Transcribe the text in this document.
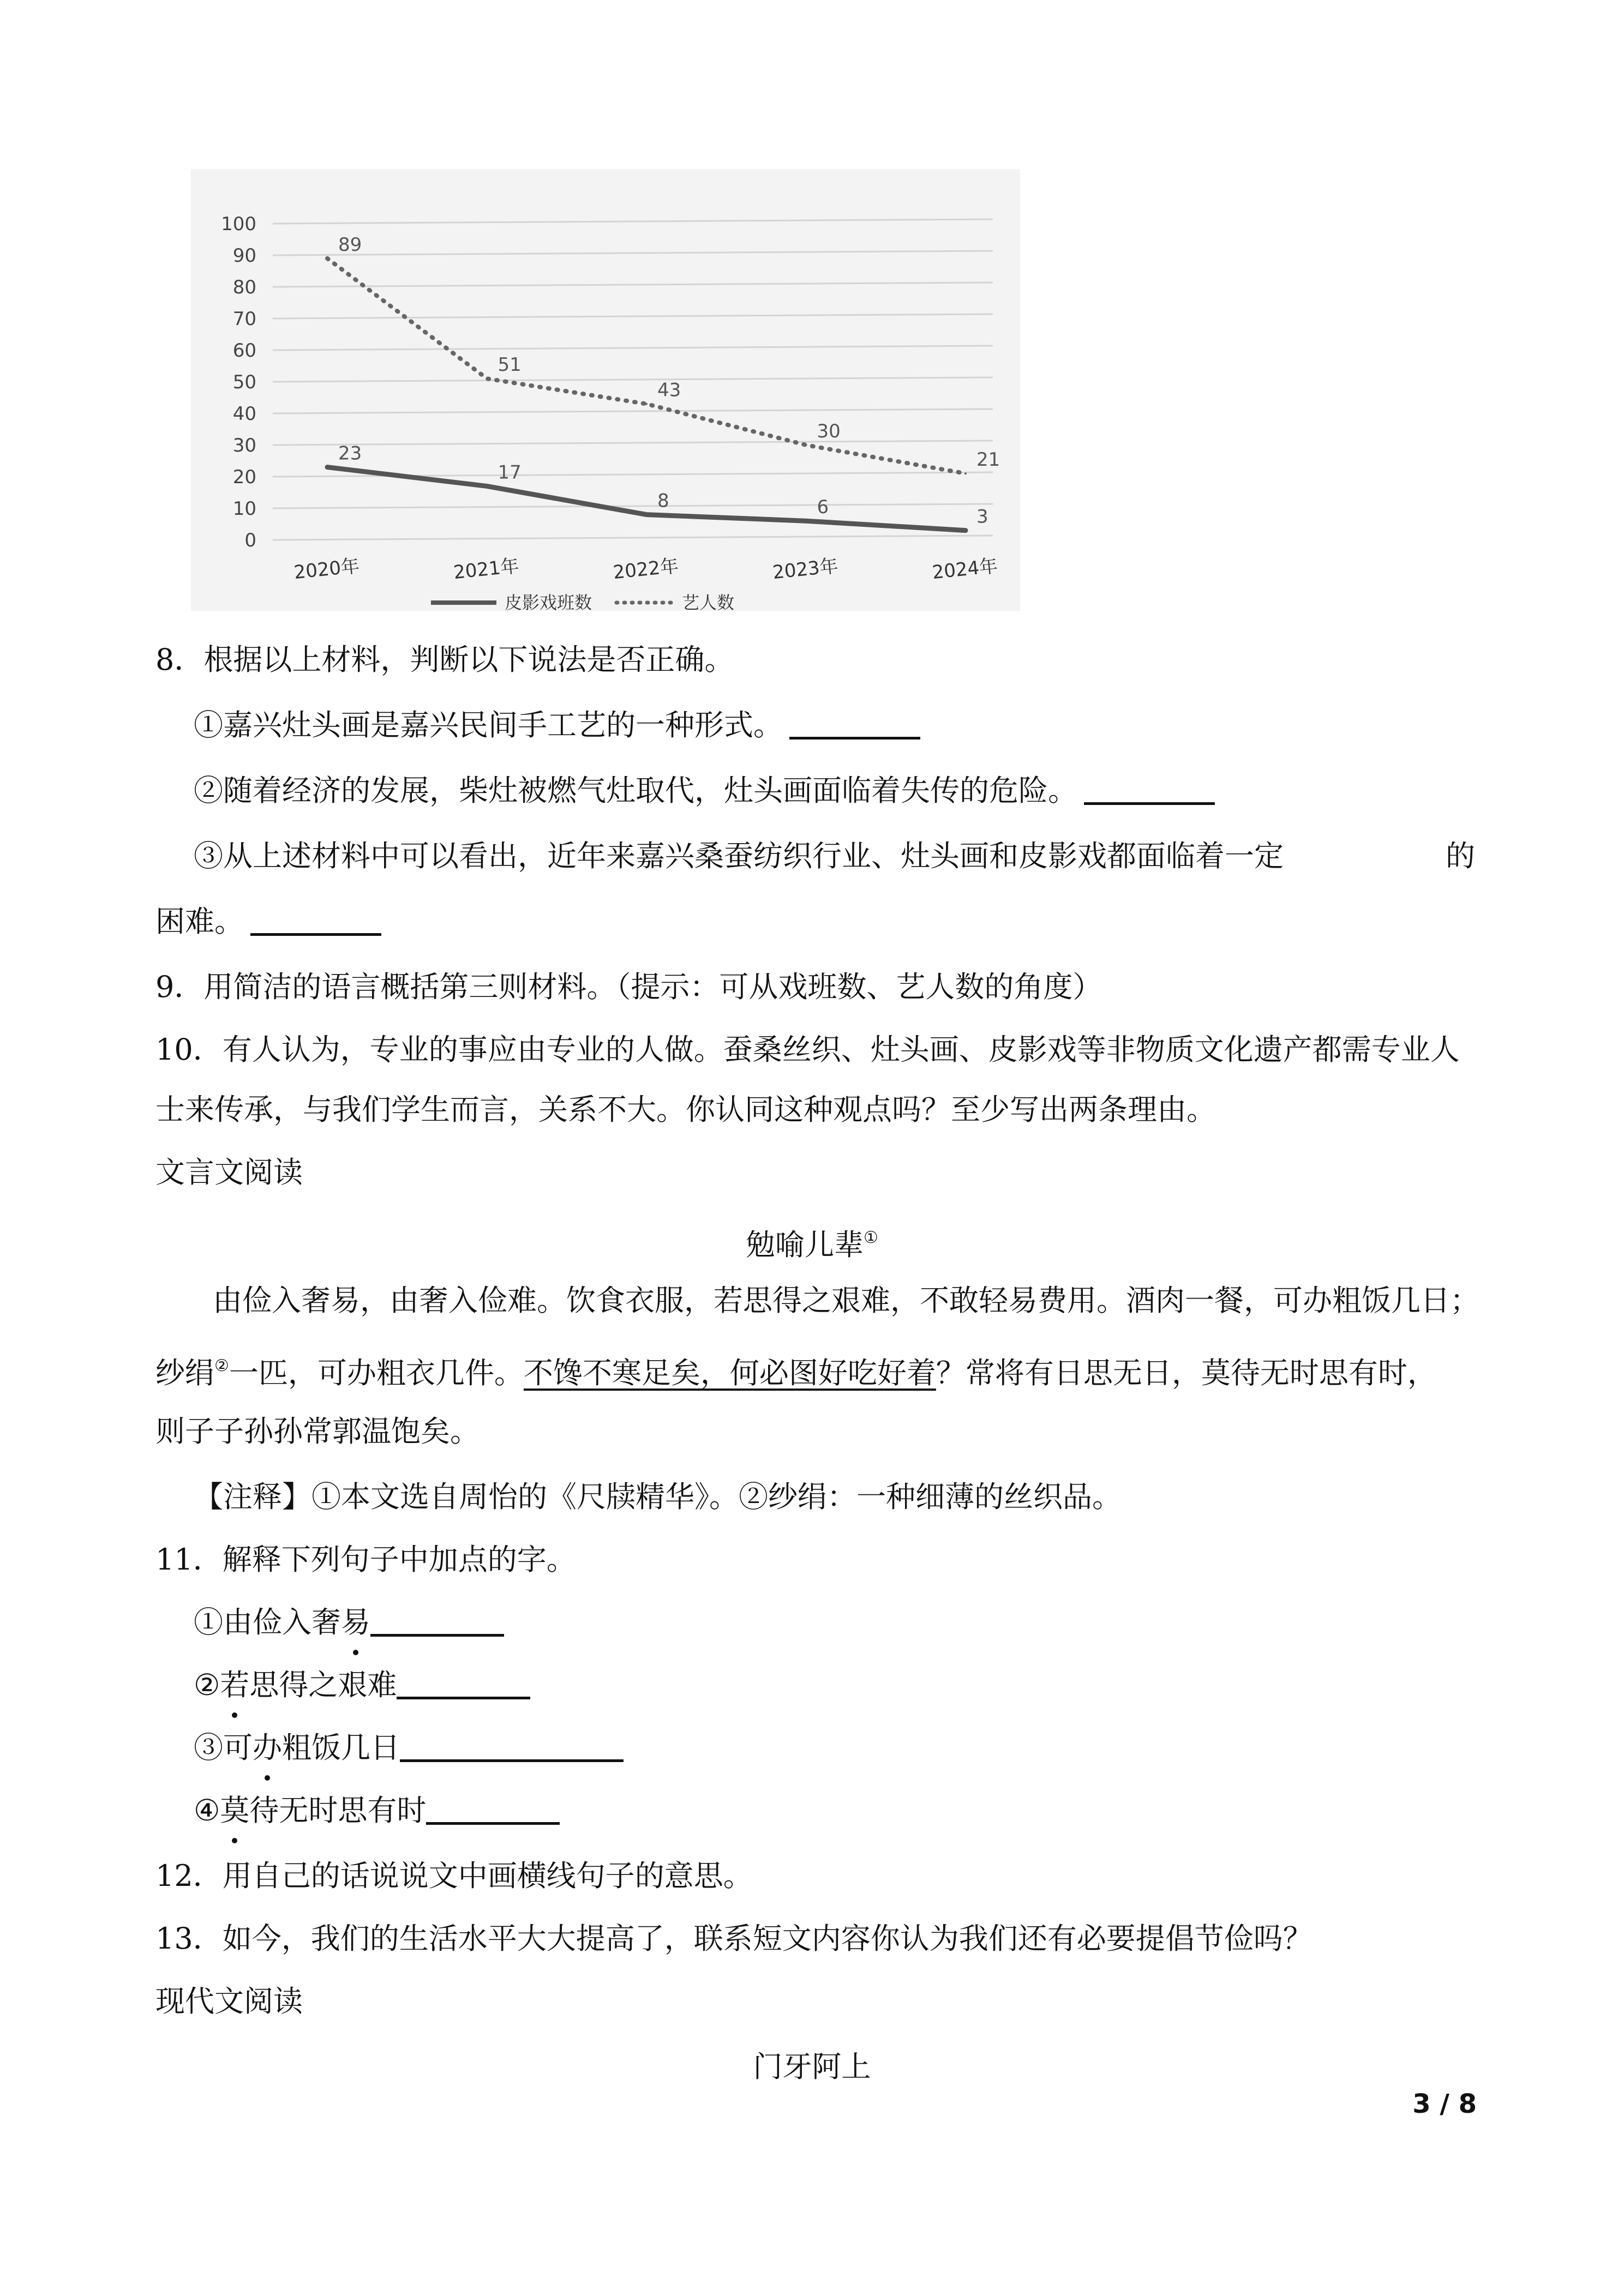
100
90
80
70
60
50
40
30
20
10
0
2020年	2021年	2022年	2023年	2024年
23
17
8	6	3
89
51
43
30
21
皮影戏班数	艺人数
8．根据以上材料，判断以下说法是否正确。
①嘉兴灶头画是嘉兴民间手工艺的一种形式。
②随着经济的发展，柴灶被燃气灶取代，灶头画面临着失传的危险。
③从上述材料中可以看出，近年来嘉兴桑蚕纺织行业、灶头画和皮影戏都面临着一定	的
困难。
9．用简洁的语言概括第三则材料。（提示：可从戏班数、艺人数的角度）
10．有人认为，专业的事应由专业的人做。蚕桑丝织、灶头画、皮影戏等非物质文化遗产都需专业人
士来传承，与我们学生而言，关系不大。你认同这种观点吗？至少写出两条理由。
文言文阅读
勉喻儿辈①
由俭入奢易，由奢入俭难。饮食衣服，若思得之艰难，不敢轻易费用。酒肉一餐，可办粗饭几日；
纱绢②一匹，可办粗衣几件。不馋不寒足矣，何必图好吃好着？常将有日思无日，莫待无时思有时，
则子子孙孙常郭温饱矣。
【注释】①本文选自周怡的《尺牍精华》。②纱绢：一种细薄的丝织品。
11．解释下列句子中加点的字。
①由俭入奢易
②若思得之艰难
③可办粗饭几日
④莫待无时思有时
12．用自己的话说说文中画横线句子的意思。
13．如今，我们的生活水平大大提高了，联系短文内容你认为我们还有必要提倡节俭吗？
现代文阅读
门牙阿上
3 / 8
